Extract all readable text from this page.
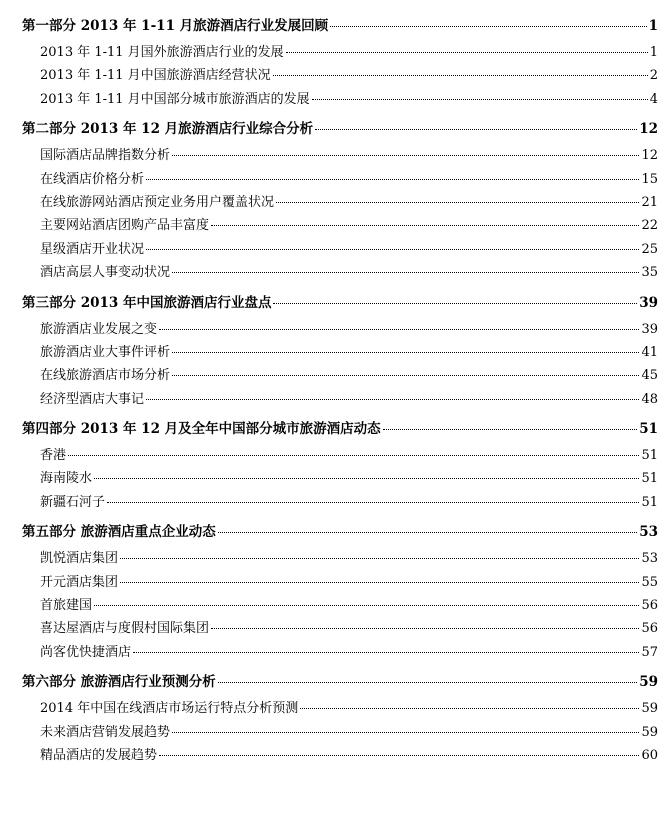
第一部分 2013 年 1-11 月旅游酒店行业发展回顾	1
2013 年 1-11 月国外旅游酒店行业的发展	1
2013 年 1-11 月中国旅游酒店经营状况	2
2013 年 1-11 月中国部分城市旅游酒店的发展	4
第二部分 2013 年 12 月旅游酒店行业综合分析	12
国际酒店品牌指数分析	12
在线酒店价格分析	15
在线旅游网站酒店预定业务用户覆盖状况	21
主要网站酒店团购产品丰富度	22
星级酒店开业状况	25
酒店高层人事变动状况	35
第三部分 2013 年中国旅游酒店行业盘点	39
旅游酒店业发展之变	39
旅游酒店业大事件评析	41
在线旅游酒店市场分析	45
经济型酒店大事记	48
第四部分 2013 年 12 月及全年中国部分城市旅游酒店动态	51
香港	51
海南陵水	51
新疆石河子	51
第五部分 旅游酒店重点企业动态	53
凯悦酒店集团	53
开元酒店集团	55
首旅建国	56
喜达屋酒店与度假村国际集团	56
尚客优快捷酒店	57
第六部分 旅游酒店行业预测分析	59
2014 年中国在线酒店市场运行特点分析预测	59
未来酒店营销发展趋势	59
精品酒店的发展趋势	60
